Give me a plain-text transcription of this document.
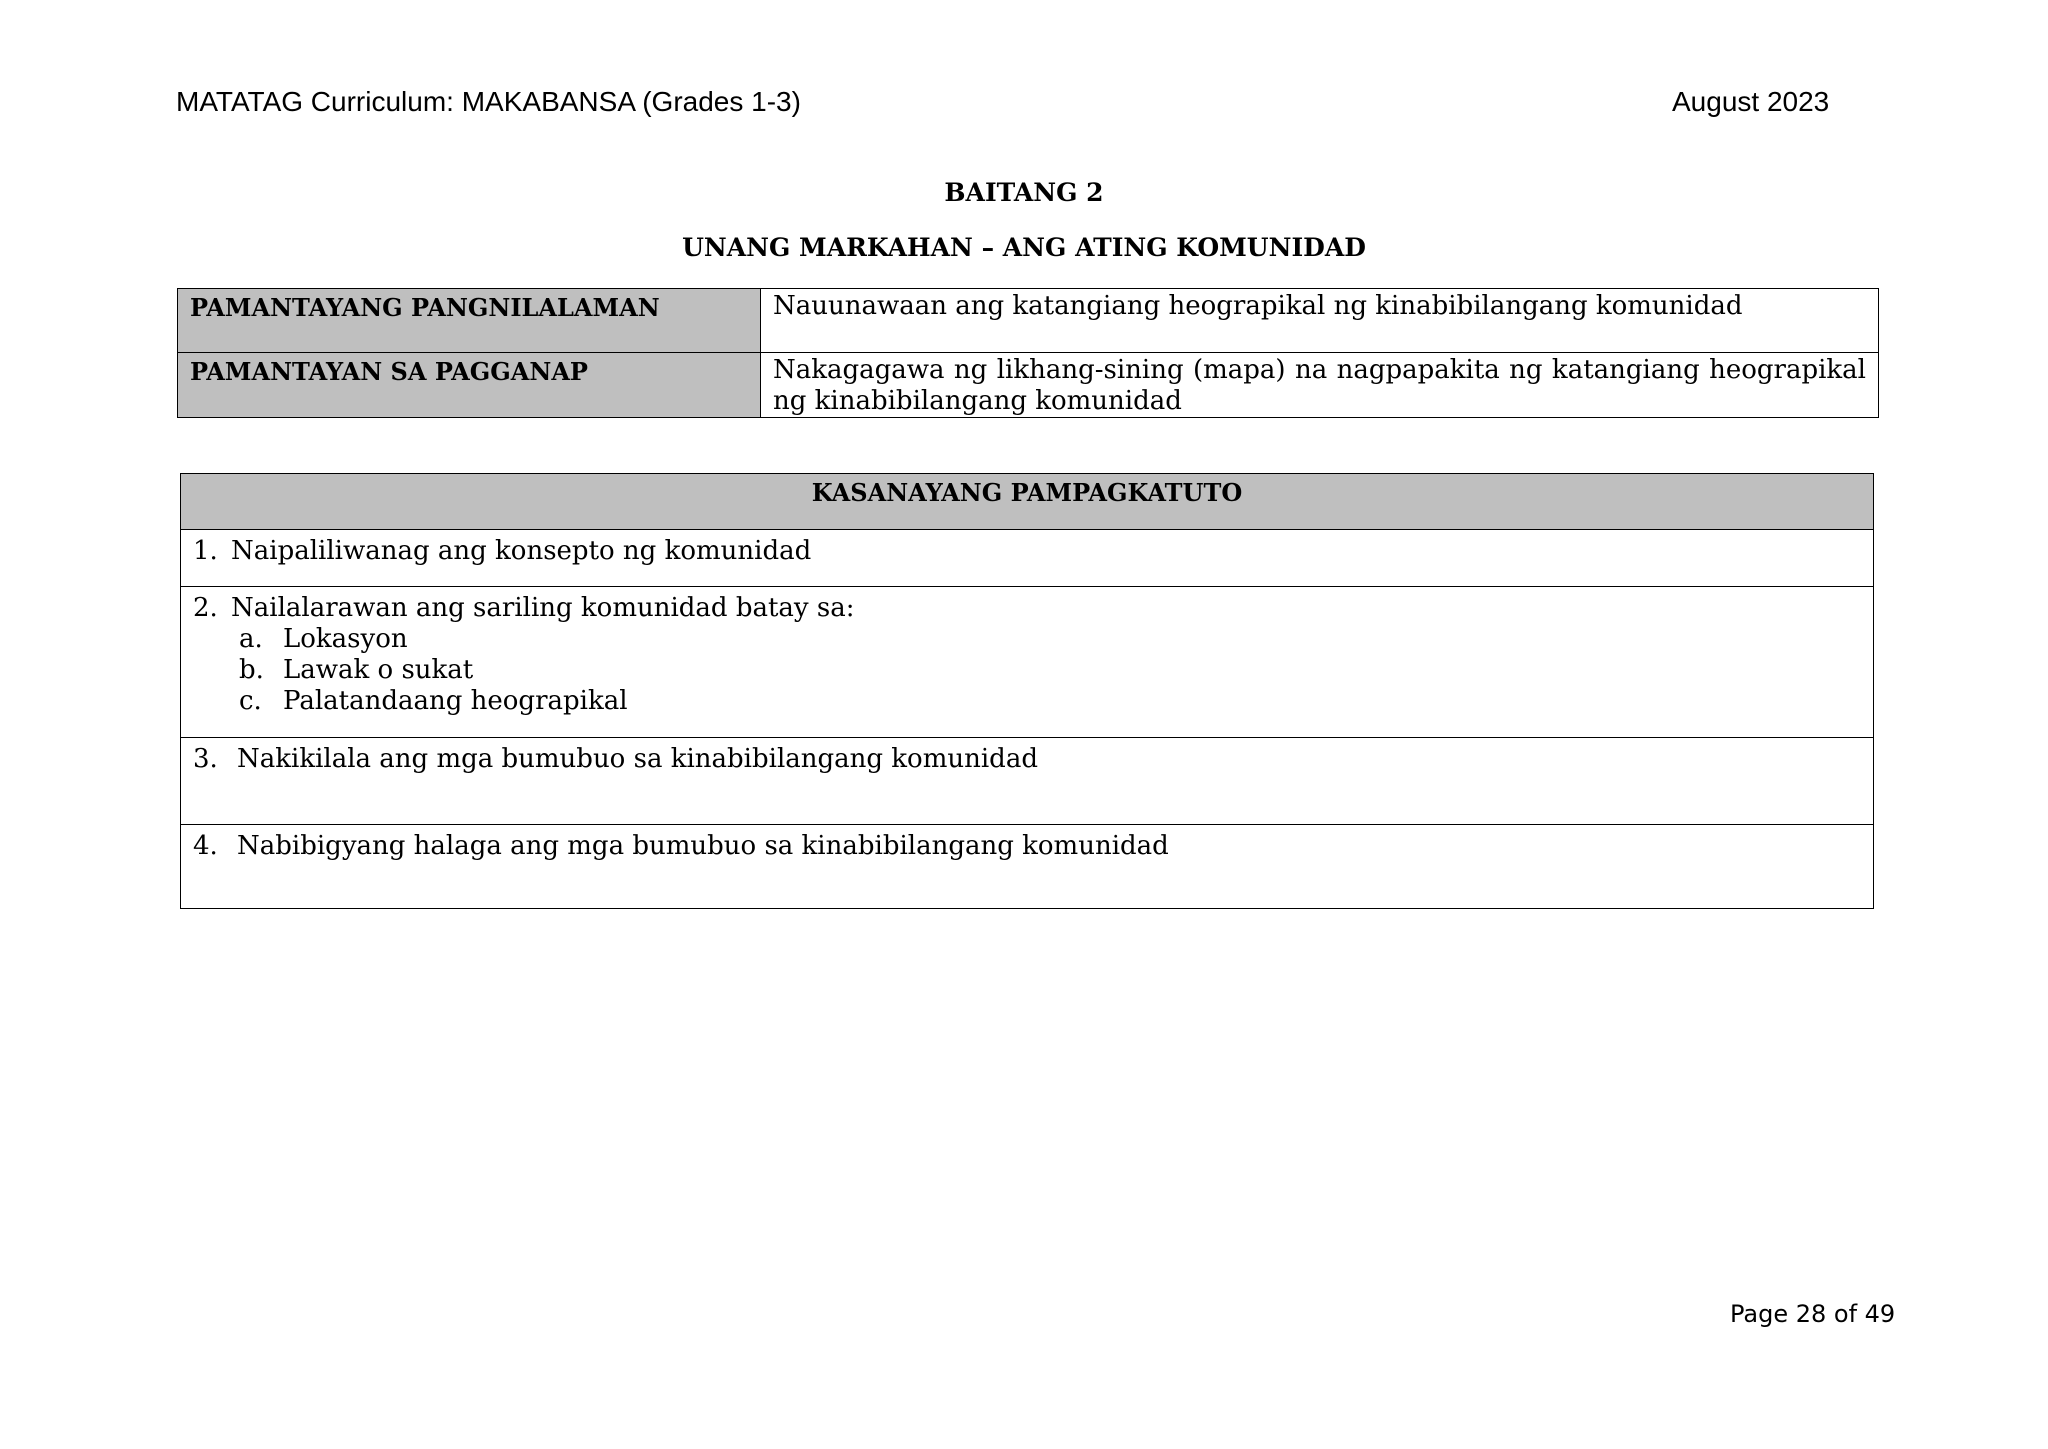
MATATAG Curriculum: MAKABANSA (Grades 1-3)	August 2023
BAITANG 2
UNANG MARKAHAN – ANG ATING KOMUNIDAD
PAMANTAYANG PANGNILALAMAN	Nauunawaan ang katangiang heograpikal ng kinabibilangang komunidad
PAMANTAYAN SA PAGGANAP	Nakagagawa ng likhang-sining (mapa) na nagpapakita ng katangiang heograpikal ng kinabibilangang komunidad
KASANAYANG PAMPAGKATUTO
1. Naipaliliwanag ang konsepto ng komunidad

2. Nailalarawan ang sariling komunidad batay sa:
a. Lokasyon
b. Lawak o sukat
c. Palatandaang heograpikal

3. Nakikilala ang mga bumubuo sa kinabibilangang komunidad
4. Nabibigyang halaga ang mga bumubuo sa kinabibilangang komunidad
Page 28 of 49
